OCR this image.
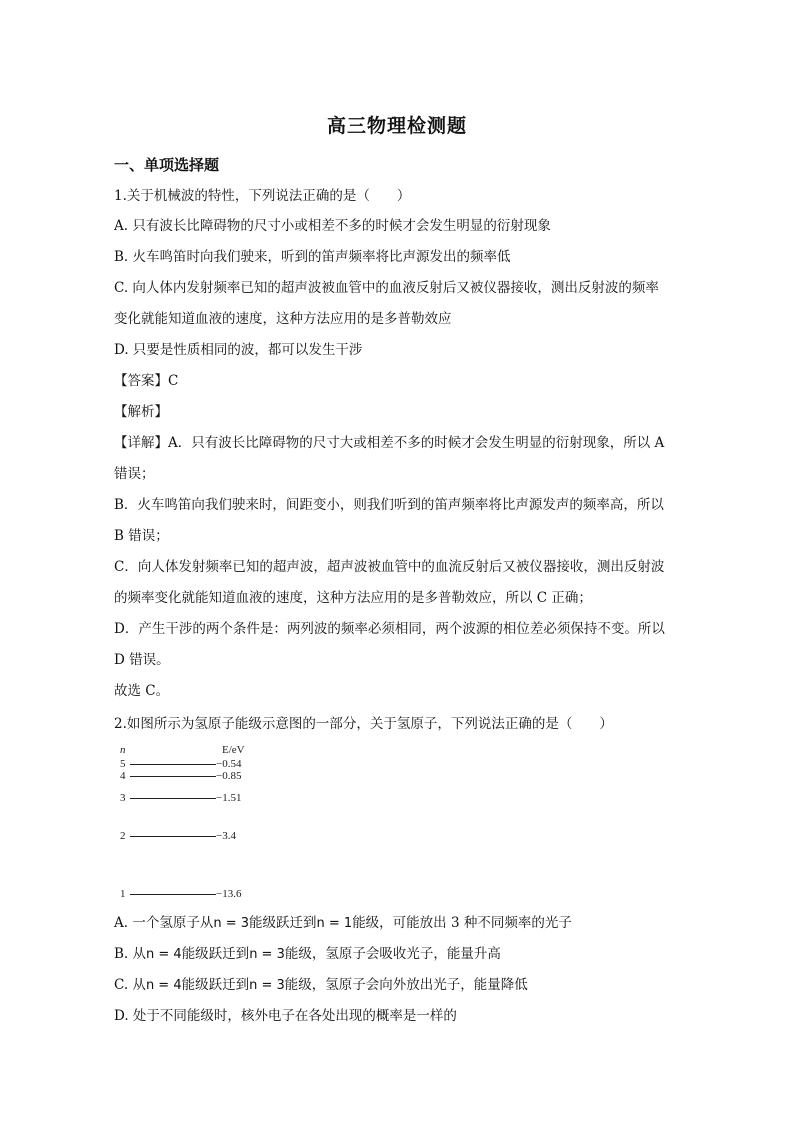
高三物理检测题
一、单项选择题
1.关于机械波的特性，下列说法正确的是（　　）
A. 只有波长比障碍物的尺寸小或相差不多的时候才会发生明显的衍射现象
B. 火车鸣笛时向我们驶来，听到的笛声频率将比声源发出的频率低
C. 向人体内发射频率已知的超声波被血管中的血液反射后又被仪器接收，测出反射波的频率
变化就能知道血液的速度，这种方法应用的是多普勒效应
D. 只要是性质相同的波，都可以发生干涉
【答案】C
【解析】
【详解】A．只有波长比障碍物的尺寸大或相差不多的时候才会发生明显的衍射现象，所以 A
错误；
B．火车鸣笛向我们驶来时，间距变小，则我们听到的笛声频率将比声源发声的频率高，所以
B 错误；
C．向人体发射频率已知的超声波，超声波被血管中的血流反射后又被仪器接收，测出反射波
的频率变化就能知道血液的速度，这种方法应用的是多普勒效应，所以 C 正确；
D．产生干涉的两个条件是：两列波的频率必须相同，两个波源的相位差必须保持不变。所以
D 错误。
故选 C。
2.如图所示为氢原子能级示意图的一部分，关于氢原子，下列说法正确的是（　　）
n	E/eV
5	−0.54
4	−0.85
3	−1.51
2	−3.4
1	−13.6
A. 一个氢原子从n = 3能级跃迁到n = 1能级，可能放出 3 种不同频率的光子
B. 从n = 4能级跃迁到n = 3能级，氢原子会吸收光子，能量升高
C. 从n = 4能级跃迁到n = 3能级，氢原子会向外放出光子，能量降低
D. 处于不同能级时，核外电子在各处出现的概率是一样的
